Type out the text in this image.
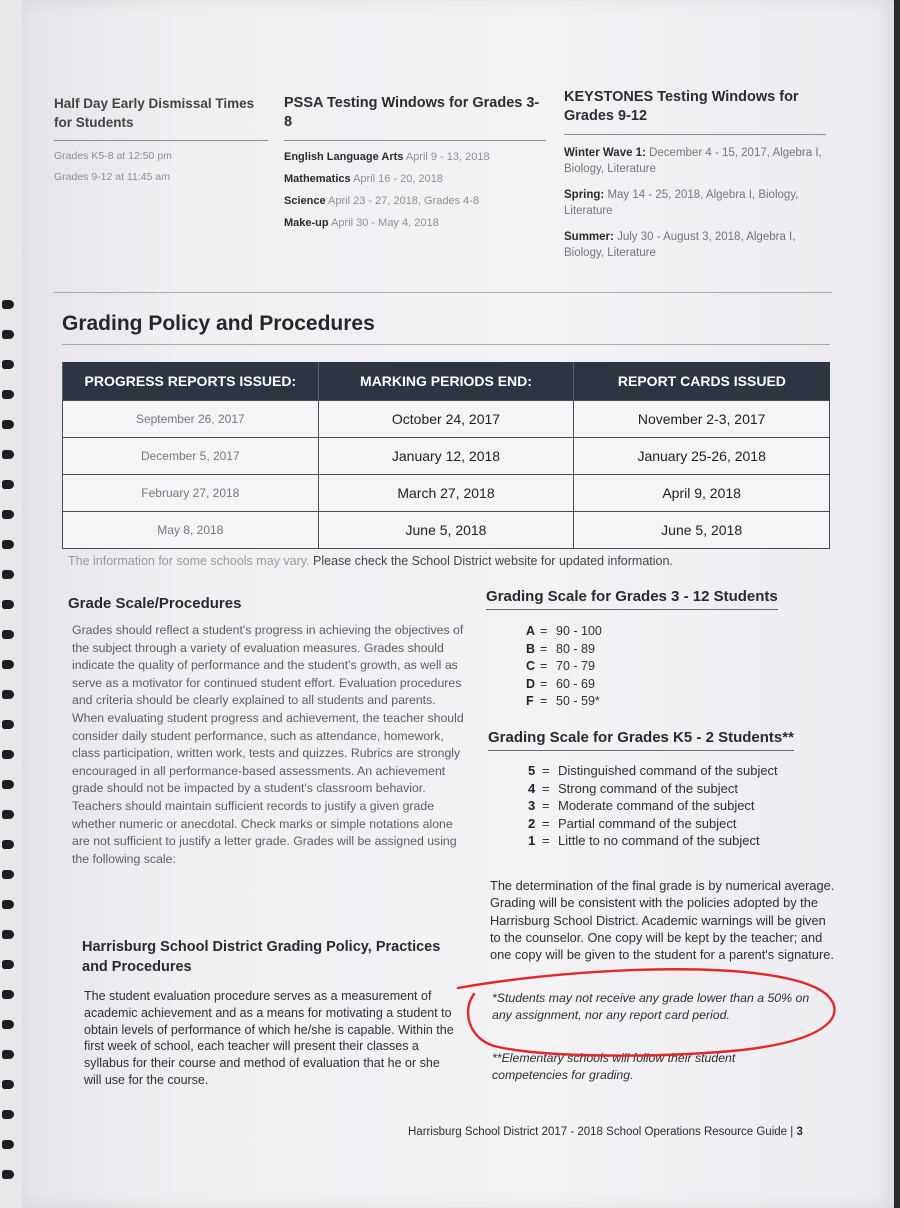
Half Day Early Dismissal Times for Students
Grades K5-8 at 12:50 pm
Grades 9-12 at 11:45 am
PSSA Testing Windows for Grades 3-8
English Language Arts April 9 - 13, 2018
Mathematics April 16 - 20, 2018
Science April 23 - 27, 2018, Grades 4-8
Make-up April 30 - May 4, 2018
KEYSTONES Testing Windows for Grades 9-12
Winter Wave 1: December 4 - 15, 2017, Algebra I, Biology, Literature
Spring: May 14 - 25, 2018, Algebra I, Biology, Literature
Summer: July 30 - August 3, 2018, Algebra I, Biology, Literature
Grading Policy and Procedures
PROGRESS REPORTS ISSUED:	MARKING PERIODS END:	REPORT CARDS ISSUED
September 26, 2017	October 24, 2017	November 2-3, 2017
December 5, 2017	January 12, 2018	January 25-26, 2018
February 27, 2018	March 27, 2018	April 9, 2018
May 8, 2018	June 5, 2018	June 5, 2018
The information for some schools may vary. Please check the School District website for updated information.
Grade Scale/Procedures

Grades should reflect a student's progress in achieving the objectives of the subject through a variety of evaluation measures. Grades should indicate the quality of performance and the student's growth, as well as serve as a motivator for continued student effort. Evaluation procedures and criteria should be clearly explained to all students and parents. When evaluating student progress and achievement, the teacher should consider daily student performance, such as attendance, homework, class participation, written work, tests and quizzes. Rubrics are strongly encouraged in all performance-based assessments. An achievement grade should not be impacted by a student's classroom behavior. Teachers should maintain sufficient records to justify a given grade whether numeric or anecdotal. Check marks or simple notations alone are not sufficient to justify a letter grade. Grades will be assigned using the following scale:

Harrisburg School District Grading Policy, Practices and Procedures

The student evaluation procedure serves as a measurement of academic achievement and as a means for motivating a student to obtain levels of performance of which he/she is capable. Within the first week of school, each teacher will present their classes a syllabus for their course and method of evaluation that he or she will use for the course.

Grading Scale for Grades 3 - 12 Students
A = 90 - 100
B = 80 - 89
C = 70 - 79
D = 60 - 69
F = 50 - 59*
Grading Scale for Grades K5 - 2 Students**
5 = Distinguished command of the subject
4 = Strong command of the subject
3 = Moderate command of the subject
2 = Partial command of the subject
1 = Little to no command of the subject

The determination of the final grade is by numerical average. Grading will be consistent with the policies adopted by the Harrisburg School District. Academic warnings will be given to the counselor. One copy will be kept by the teacher; and one copy will be given to the student for a parent's signature.

*Students may not receive any grade lower than a 50% on any assignment, nor any report card period.

**Elementary schools will follow their student competencies for grading.

Harrisburg School District 2017 - 2018 School Operations Resource Guide | 3
